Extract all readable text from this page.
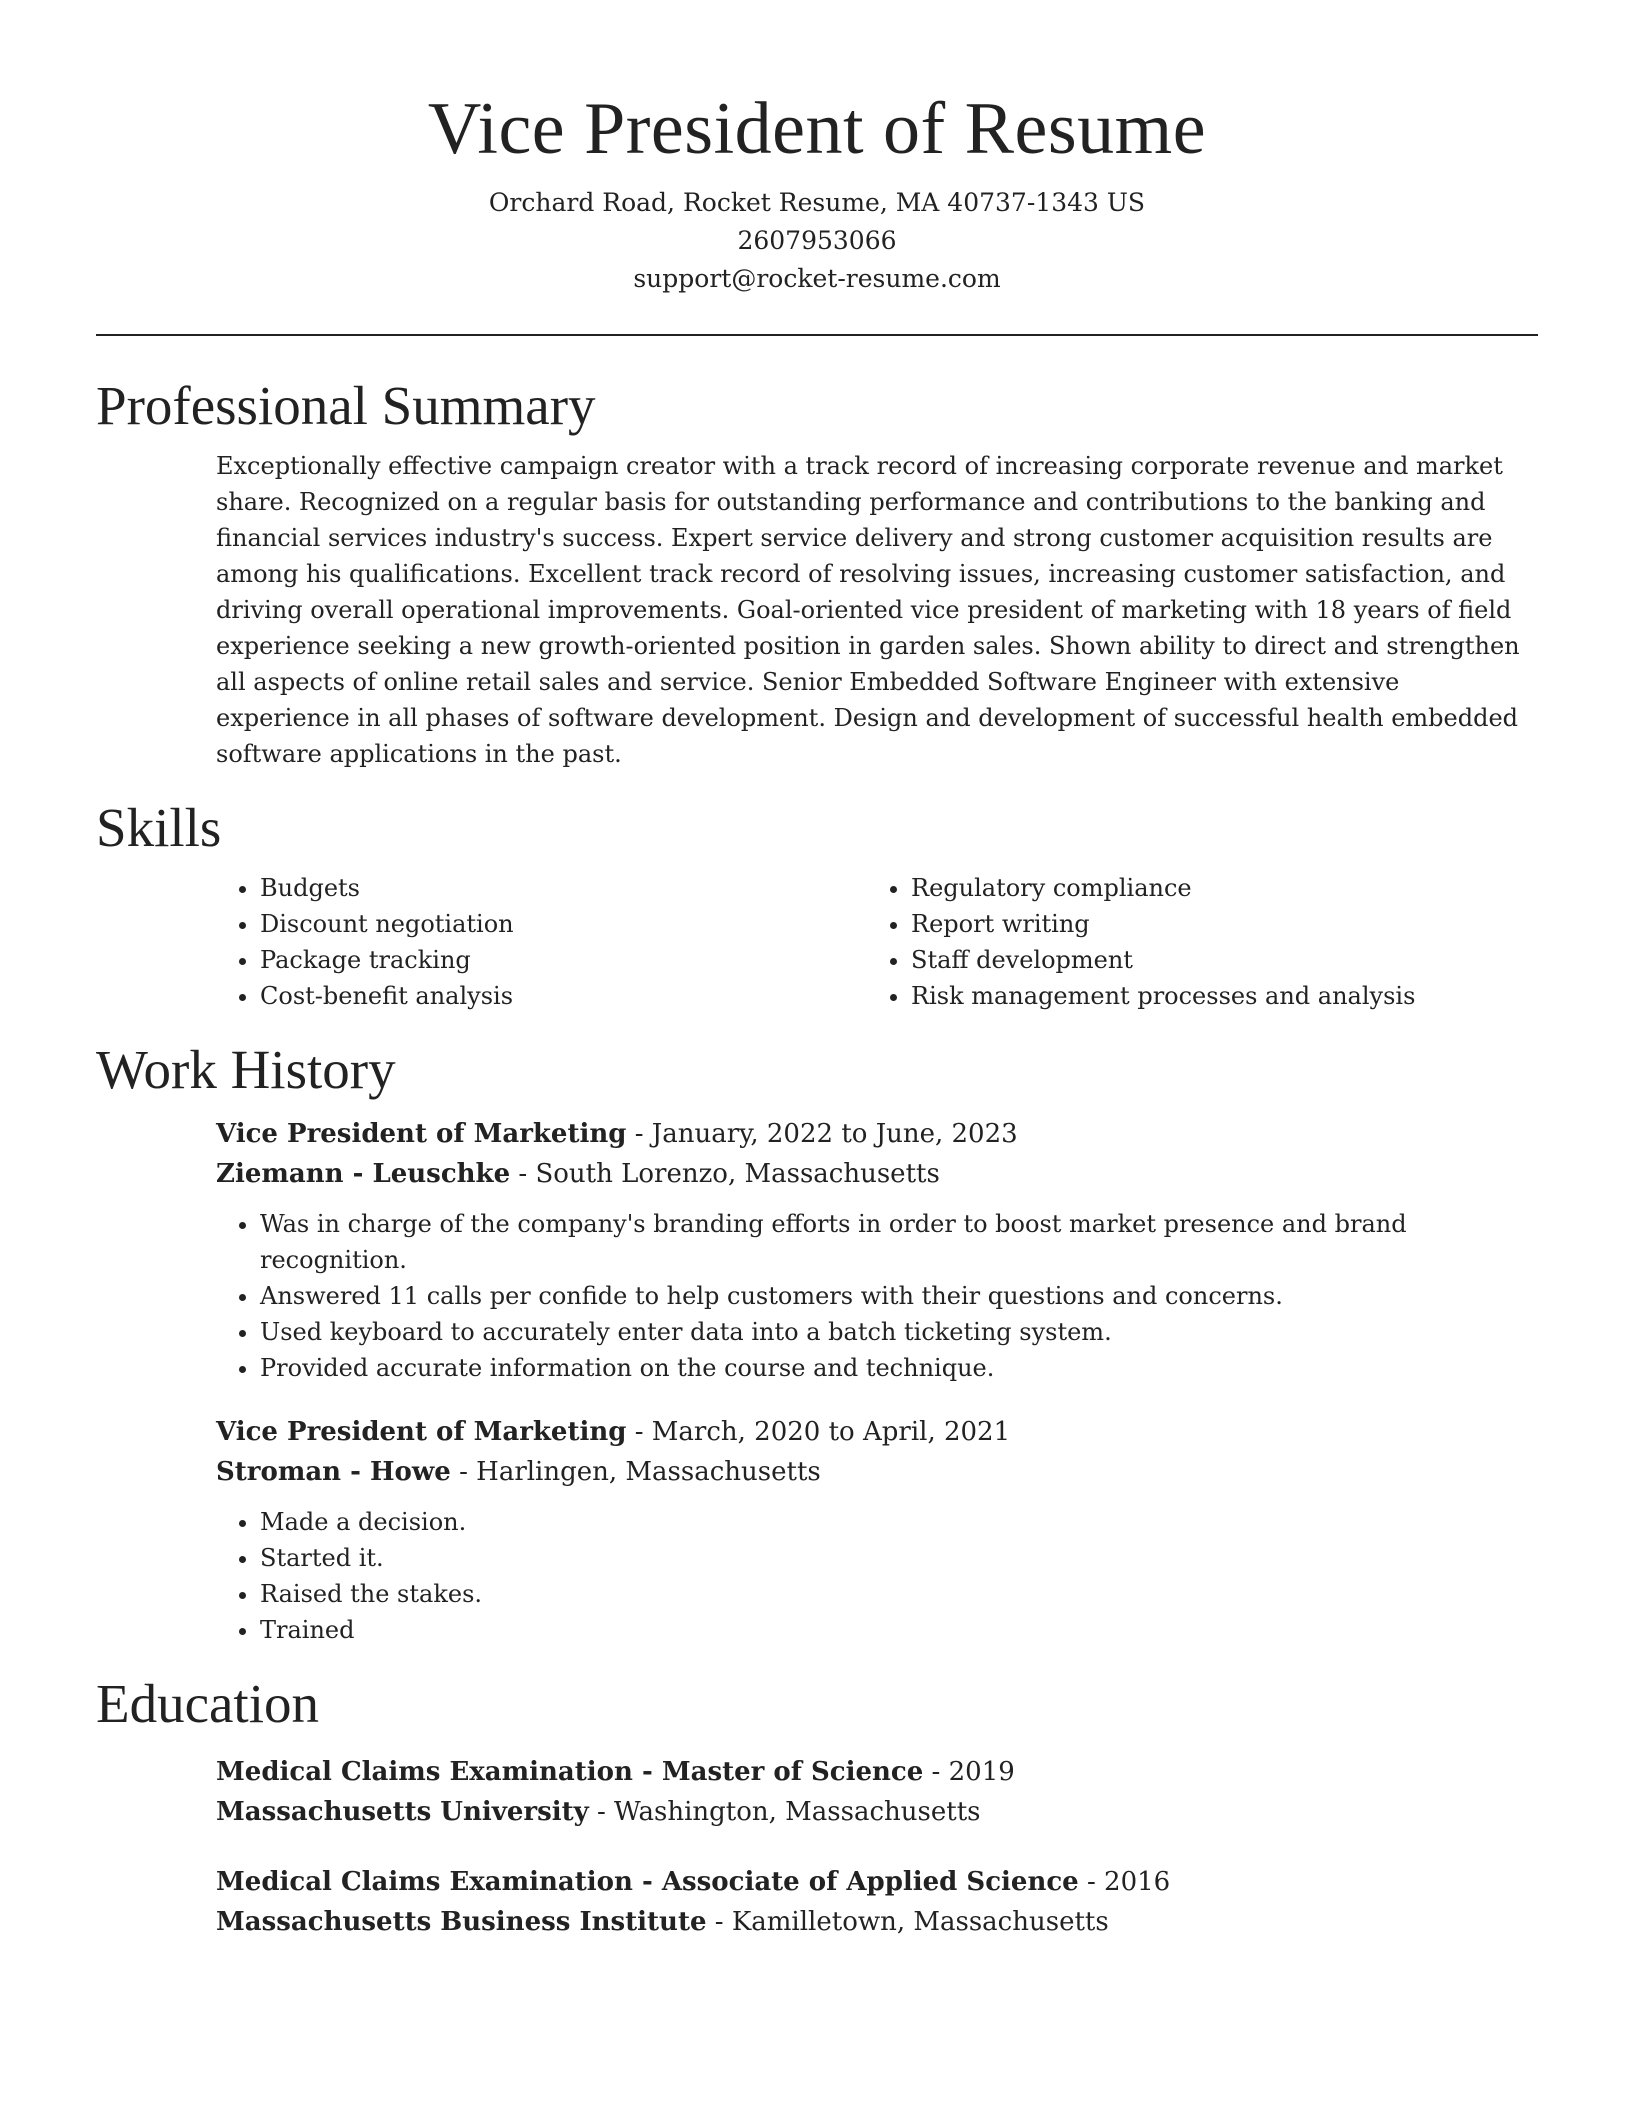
Vice President of Resume

Orchard Road, Rocket Resume, MA 40737-1343 US

2607953066

support@rocket-resume.com

Professional Summary

Exceptionally effective campaign creator with a track record of increasing corporate revenue and market share. Recognized on a regular basis for outstanding performance and contributions to the banking and financial services industry's success. Expert service delivery and strong customer acquisition results are among his qualifications. Excellent track record of resolving issues, increasing customer satisfaction, and driving overall operational improvements. Goal-oriented vice president of marketing with 18 years of field experience seeking a new growth-oriented position in garden sales. Shown ability to direct and strengthen all aspects of online retail sales and service. Senior Embedded Software Engineer with extensive experience in all phases of software development. Design and development of successful health embedded software applications in the past.

Skills
• Budgets
• Discount negotiation
• Package tracking
• Cost-benefit analysis
• Regulatory compliance
• Report writing
• Staff development
• Risk management processes and analysis
Work History

Vice President of Marketing - January, 2022 to June, 2023

Ziemann - Leuschke - South Lorenzo, Massachusetts

• Was in charge of the company's branding efforts in order to boost market presence and brand recognition.
• Answered 11 calls per confide to help customers with their questions and concerns.
• Used keyboard to accurately enter data into a batch ticketing system.
• Provided accurate information on the course and technique.

Vice President of Marketing - March, 2020 to April, 2021

Stroman - Howe - Harlingen, Massachusetts

• Made a decision.
• Started it.
• Raised the stakes.
• Trained
Education

Medical Claims Examination - Master of Science - 2019

Massachusetts University - Washington, Massachusetts

Medical Claims Examination - Associate of Applied Science - 2016

Massachusetts Business Institute - Kamilletown, Massachusetts
